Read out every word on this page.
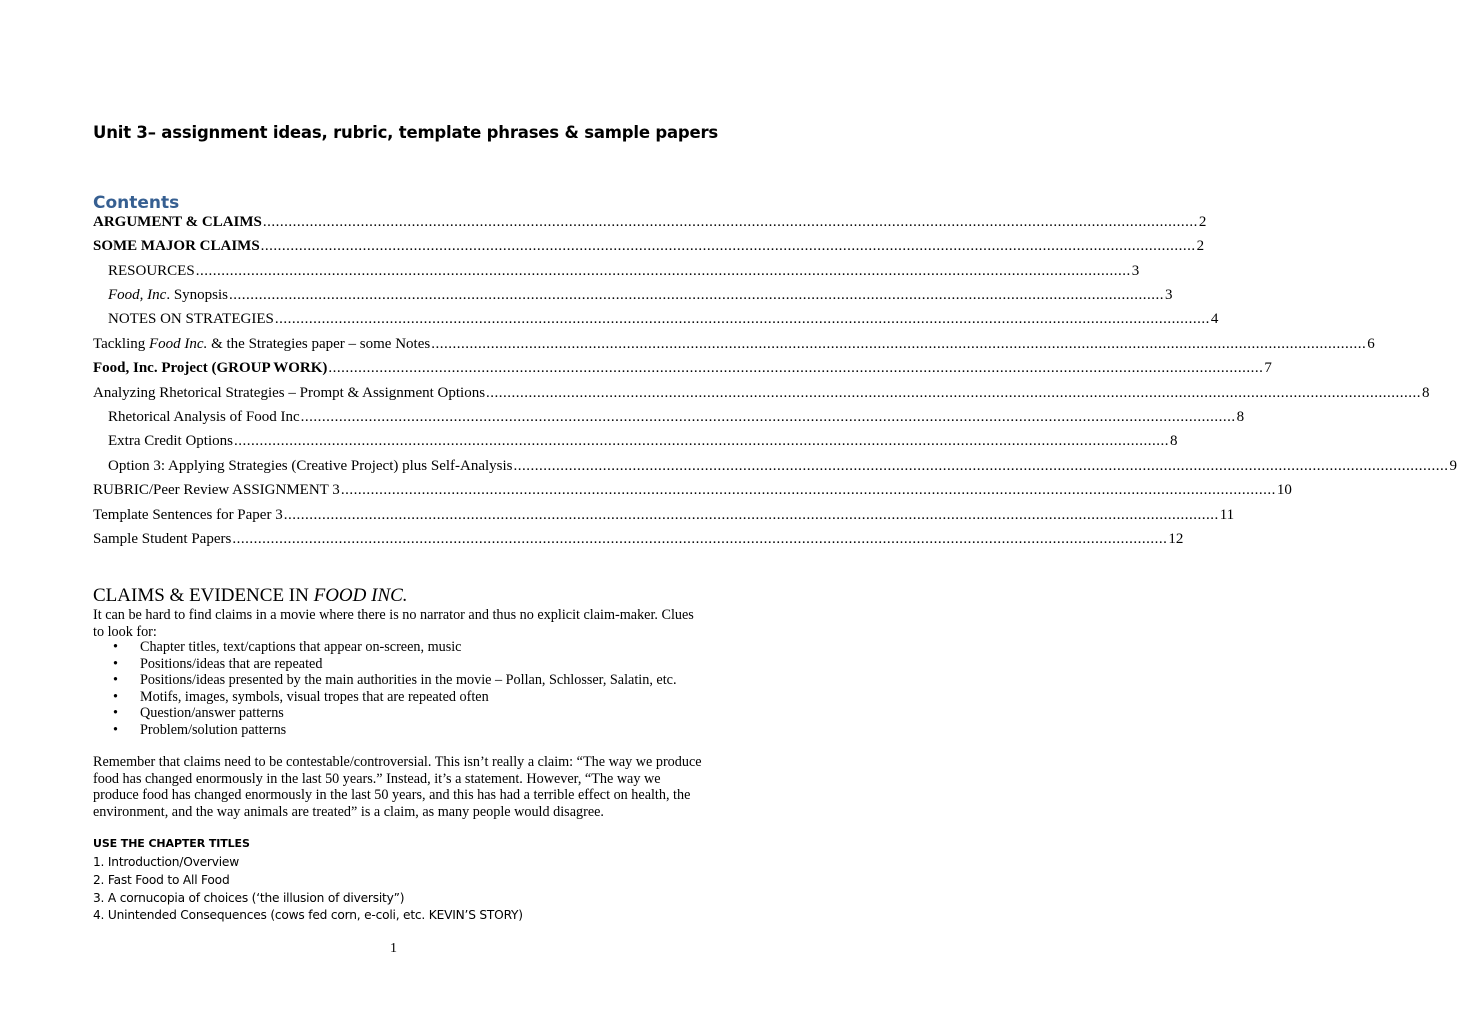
Unit 3– assignment ideas, rubric, template phrases & sample papers
Contents
ARGUMENT & CLAIMS ............................................................................................................................................................................................................................ 2
SOME MAJOR CLAIMS ............................................................................................................................................................................................................................ 2
RESOURCES ............................................................................................................................................................................................................................ 3
Food, Inc. Synopsis ............................................................................................................................................................................................................................ 3
NOTES ON STRATEGIES ............................................................................................................................................................................................................................ 4
Tackling Food Inc. & the Strategies paper – some Notes ............................................................................................................................................................................................................................ 6
Food, Inc. Project (GROUP WORK) ............................................................................................................................................................................................................................ 7
Analyzing Rhetorical Strategies – Prompt & Assignment Options ............................................................................................................................................................................................................................ 8
Rhetorical Analysis of Food Inc ............................................................................................................................................................................................................................ 8
Extra Credit Options ............................................................................................................................................................................................................................ 8
Option 3: Applying Strategies (Creative Project) plus Self-Analysis ............................................................................................................................................................................................................................ 9
RUBRIC/Peer Review ASSIGNMENT 3 ............................................................................................................................................................................................................................ 10
Template Sentences for Paper 3 ............................................................................................................................................................................................................................ 11
Sample Student Papers ............................................................................................................................................................................................................................ 12
CLAIMS & EVIDENCE IN FOOD INC.
It can be hard to find claims in a movie where there is no narrator and thus no explicit claim-maker. Clues to look for:
•	Chapter titles, text/captions that appear on-screen, music
•	Positions/ideas that are repeated
•	Positions/ideas presented by the main authorities in the movie – Pollan, Schlosser, Salatin, etc.
•	Motifs, images, symbols, visual tropes that are repeated often
•	Question/answer patterns
•	Problem/solution patterns
Remember that claims need to be contestable/controversial. This isn’t really a claim: “The way we produce food has changed enormously in the last 50 years.” Instead, it’s a statement. However, “The way we produce food has changed enormously in the last 50 years, and this has had a terrible effect on health, the environment, and the way animals are treated” is a claim, as many people would disagree.
USE THE CHAPTER TITLES
1. Introduction/Overview
2. Fast Food to All Food
3. A cornucopia of choices (‘the illusion of diversity”)
4. Unintended Consequences (cows fed corn, e-coli, etc. KEVIN’S STORY)
1
